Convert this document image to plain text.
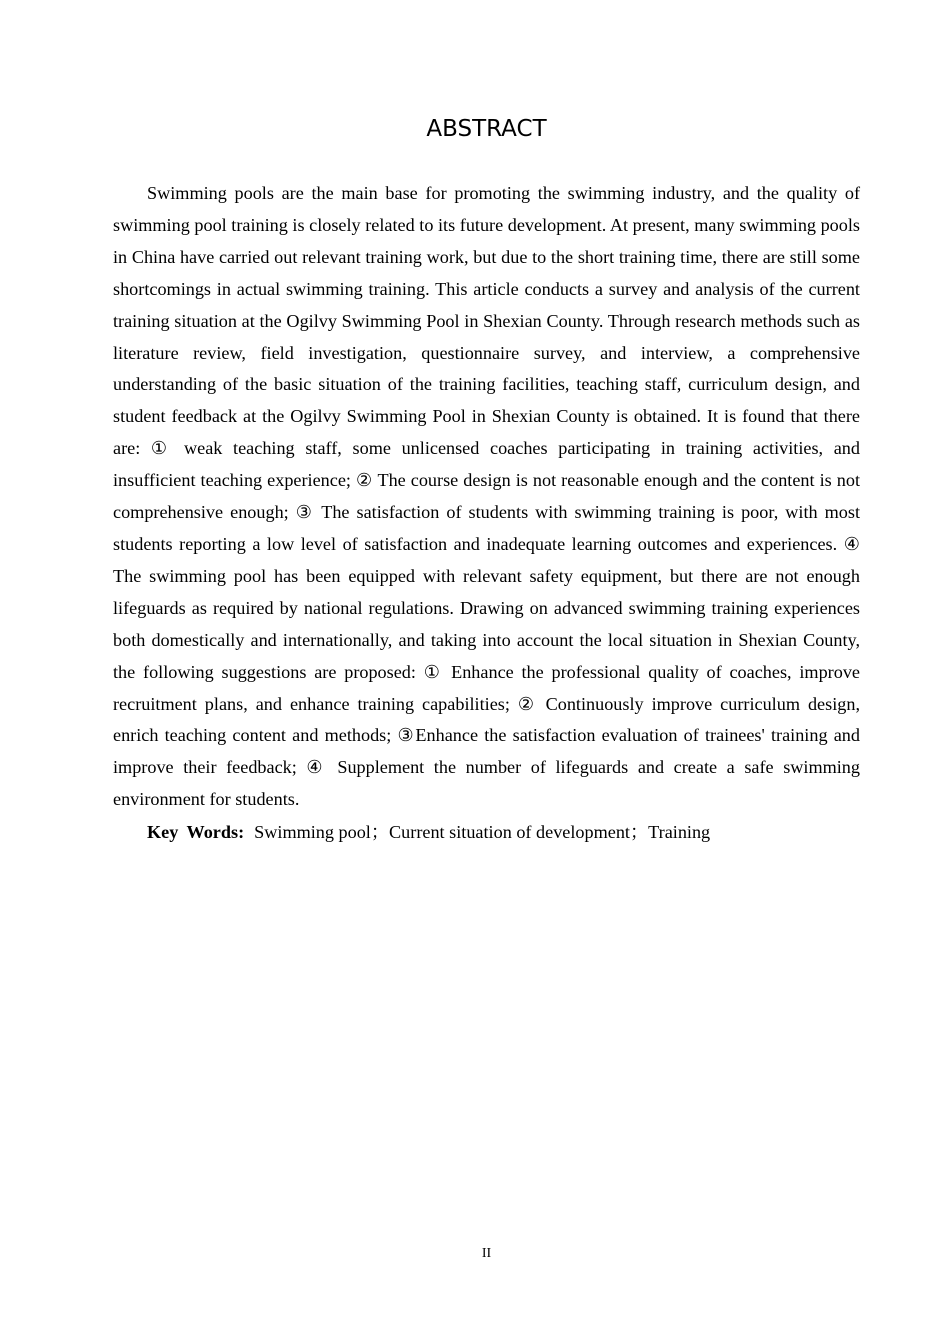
ABSTRACT

Swimming pools are the main base for promoting the swimming industry, and the quality of swimming pool training is closely related to its future development. At present, many swimming pools in China have carried out relevant training work, but due to the short training time, there are still some shortcomings in actual swimming training. This article conducts a survey and analysis of the current training situation at the Ogilvy Swimming Pool in Shexian County. Through research methods such as literature review, field investigation, questionnaire survey, and interview, a comprehensive understanding of the basic situation of the training facilities, teaching staff, curriculum design, and student feedback at the Ogilvy Swimming Pool in Shexian County is obtained. It is found that there are: ① weak teaching staff, some unlicensed coaches participating in training activities, and insufficient teaching experience; ② The course design is not reasonable enough and the content is not comprehensive enough; ③ The satisfaction of students with swimming training is poor, with most students reporting a low level of satisfaction and inadequate learning outcomes and experiences. ④ The swimming pool has been equipped with relevant safety equipment, but there are not enough lifeguards as required by national regulations. Drawing on advanced swimming training experiences both domestically and internationally, and taking into account the local situation in Shexian County, the following suggestions are proposed: ① Enhance the professional quality of coaches, improve recruitment plans, and enhance training capabilities; ② Continuously improve curriculum design, enrich teaching content and methods; ③Enhance the satisfaction evaluation of trainees' training and improve their feedback; ④ Supplement the number of lifeguards and create a safe swimming environment for students.

Key Words: Swimming pool；Current situation of development；Training

II
